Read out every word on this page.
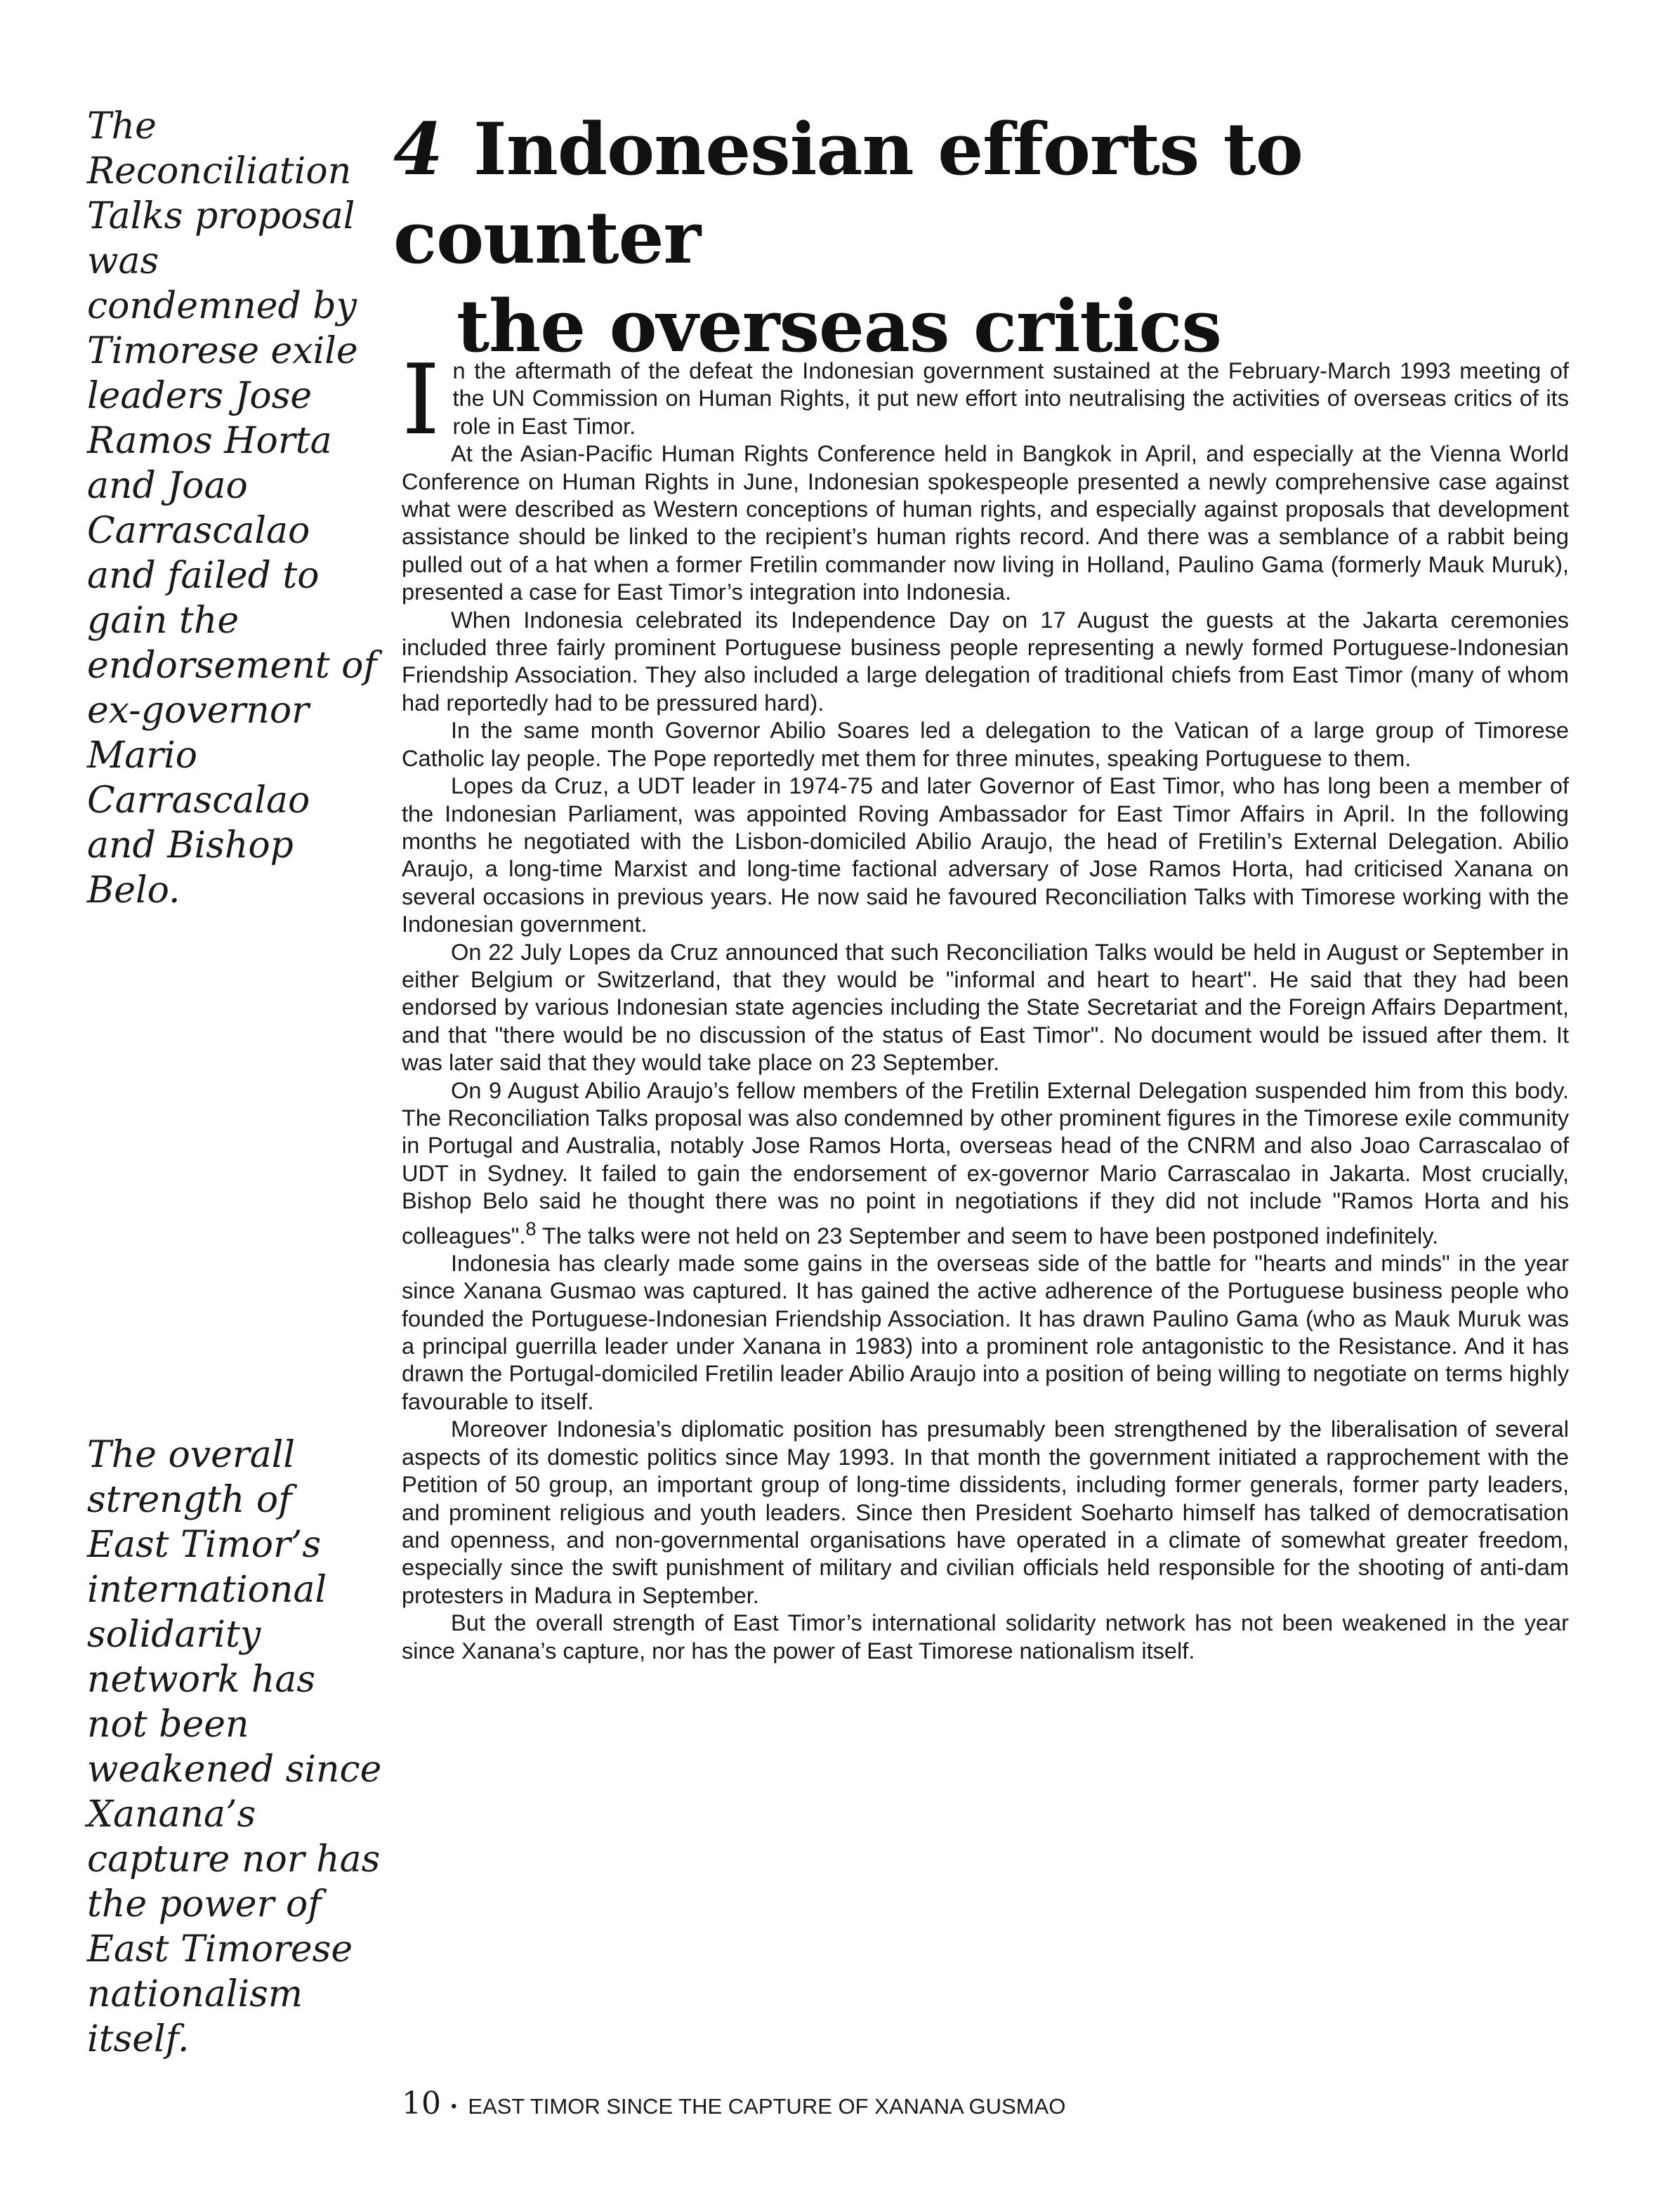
The Reconciliation Talks proposal was condemned by Timorese exile leaders Jose Ramos Horta and Joao Carrascalao and failed to gain the endorsement of ex-governor Mario Carrascalao and Bishop Belo.

The overall strength of East Timor’s international solidarity network has not been weakened since Xanana’s capture nor has the power of East Timorese nationalism itself.

4 Indonesian efforts to counter
the overseas critics

In the aftermath of the defeat the Indonesian government sustained at the February-March 1993 meeting of the UN Commission on Human Rights, it put new effort into neutralising the activities of overseas critics of its role in East Timor.

At the Asian-Pacific Human Rights Conference held in Bangkok in April, and especially at the Vienna World Conference on Human Rights in June, Indonesian spokespeople presented a newly comprehensive case against what were described as Western conceptions of human rights, and especially against proposals that development assistance should be linked to the recipient’s human rights record. And there was a semblance of a rabbit being pulled out of a hat when a former Fretilin commander now living in Holland, Paulino Gama (formerly Mauk Muruk), presented a case for East Timor’s integration into Indonesia.

When Indonesia celebrated its Independence Day on 17 August the guests at the Jakarta ceremonies included three fairly prominent Portuguese business people representing a newly formed Portuguese-Indonesian Friendship Association. They also included a large delegation of traditional chiefs from East Timor (many of whom had reportedly had to be pressured hard).

In the same month Governor Abilio Soares led a delegation to the Vatican of a large group of Timorese Catholic lay people. The Pope reportedly met them for three minutes, speaking Portuguese to them.

Lopes da Cruz, a UDT leader in 1974-75 and later Governor of East Timor, who has long been a member of the Indonesian Parliament, was appointed Roving Ambassador for East Timor Affairs in April. In the following months he negotiated with the Lisbon-domiciled Abilio Araujo, the head of Fretilin’s External Delegation. Abilio Araujo, a long-time Marxist and long-time factional adversary of Jose Ramos Horta, had criticised Xanana on several occasions in previous years. He now said he favoured Reconciliation Talks with Timorese working with the Indonesian government.

On 22 July Lopes da Cruz announced that such Reconciliation Talks would be held in August or September in either Belgium or Switzerland, that they would be "informal and heart to heart". He said that they had been endorsed by various Indonesian state agencies including the State Secretariat and the Foreign Affairs Department, and that "there would be no discussion of the status of East Timor". No document would be issued after them. It was later said that they would take place on 23 September.

On 9 August Abilio Araujo’s fellow members of the Fretilin External Delegation suspended him from this body. The Reconciliation Talks proposal was also condemned by other prominent figures in the Timorese exile community in Portugal and Australia, notably Jose Ramos Horta, overseas head of the CNRM and also Joao Carrascalao of UDT in Sydney. It failed to gain the endorsement of ex-governor Mario Carrascalao in Jakarta. Most crucially, Bishop Belo said he thought there was no point in negotiations if they did not include "Ramos Horta and his colleagues".$^8$ The talks were not held on 23 September and seem to have been postponed indefinitely.

Indonesia has clearly made some gains in the overseas side of the battle for "hearts and minds" in the year since Xanana Gusmao was captured. It has gained the active adherence of the Portuguese business people who founded the Portuguese-Indonesian Friendship Association. It has drawn Paulino Gama (who as Mauk Muruk was a principal guerrilla leader under Xanana in 1983) into a prominent role antagonistic to the Resistance. And it has drawn the Portugal-domiciled Fretilin leader Abilio Araujo into a position of being willing to negotiate on terms highly favourable to itself.

Moreover Indonesia’s diplomatic position has presumably been strengthened by the liberalisation of several aspects of its domestic politics since May 1993. In that month the government initiated a rapprochement with the Petition of 50 group, an important group of long-time dissidents, including former generals, former party leaders, and prominent religious and youth leaders. Since then President Soeharto himself has talked of democratisation and openness, and non-governmental organisations have operated in a climate of somewhat greater freedom, especially since the swift punishment of military and civilian officials held responsible for the shooting of anti-dam protesters in Madura in September.

But the overall strength of East Timor’s international solidarity network has not been weakened in the year since Xanana’s capture, nor has the power of East Timorese nationalism itself.

10 • EAST TIMOR SINCE THE CAPTURE OF XANANA GUSMAO
